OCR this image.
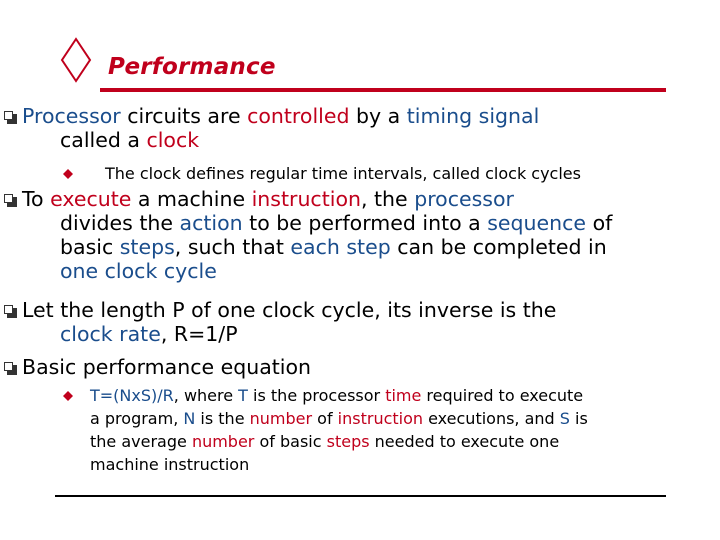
Performance
Processor circuits are controlled by a timing signal
called a clock
The clock defines regular time intervals, called clock cycles
To execute a machine instruction, the processor
divides the action to be performed into a sequence of
basic steps, such that each step can be completed in
one clock cycle
Let the length P of one clock cycle, its inverse is the
clock rate, R=1/P
Basic performance equation
T=(NxS)/R, where T is the processor time required to execute
a program, N is the number of instruction executions, and S is
the average number of basic steps needed to execute one
machine instruction
